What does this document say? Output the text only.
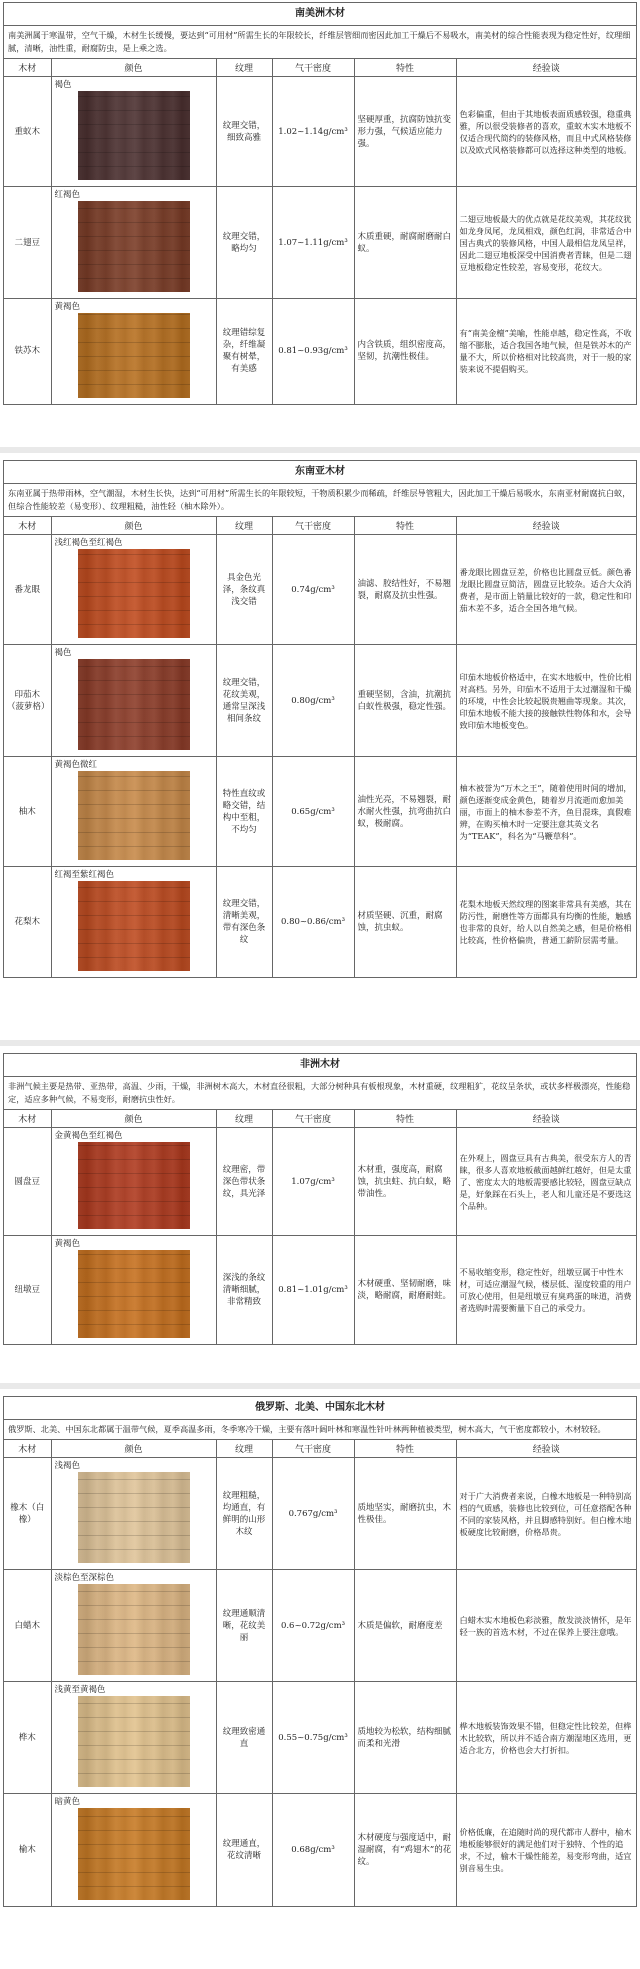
南美洲木材
南美洲属于寒温带，空气干燥，木材生长缓慢，要达到“可用材”所需生长的年限较长，纤维层管细而密因此加工干燥后不易吸水，南美材的综合性能表现为稳定性好，纹理细腻，清晰，油性重，耐腐防虫，是上乘之选。
木材	颜色	纹理	气干密度	特性	经验谈
重蚁木	褐色	纹理交错，细致高雅	1.02~1.14g/cm³	坚硬厚重，抗腐防蚀抗变形力强，气候适应能力强。	色彩偏重，但由于其地板表面质感较强，稳重典雅，所以很受装修者的喜欢，重蚁木实木地板不仅适合现代简约的装修风格，而且中式风格装修以及欧式风格装修都可以选择这种类型的地板。
二翅豆	红褐色	纹理交错，略均匀	1.07~1.11g/cm³	木质重硬，耐腐耐磨耐白蚁。	二翅豆地板最大的优点就是花纹美观，其花纹犹如龙身凤尾，龙凤相戏，颜色红润，非常适合中国古典式的装修风格，中国人最相信龙凤呈祥，因此二翅豆地板深受中国消费者青睐，但是二翅豆地板稳定性较差，容易变形，花纹大。
铁苏木	黄褐色	纹理错综复杂，纤维凝聚有树晕，有美感	0.81~0.93g/cm³	内含铁质，组织密度高，坚韧，抗潮性极佳。	有“南美金檀”美喻，性能卓越，稳定性高，不收缩不膨胀，适合我国各地气候，但是铁苏木的产量不大，所以价格相对比较高贵，对于一般的家装来说不提倡购买。
东南亚木材
东南亚属于热带雨林，空气潮湿，木材生长快，达到“可用材”所需生长的年限较短，干物质积累少而稀疏，纤维层导管粗大，因此加工干燥后易吸水，东南亚材耐腐抗白蚁，但综合性能较差（易变形）、纹理粗糙，油性轻（柚木除外）。
木材	颜色	纹理	气干密度	特性	经验谈
番龙眼	浅红褐色至红褐色	具金色光泽，条纹真浅交错	0.74g/cm³	油滤、胶结性好，不易翘裂，耐腐及抗虫性强。	番龙眼比圆盘豆差，价格也比圆盘豆低。颜色番龙眼比圆盘豆简洁，圆盘豆比较杂。适合大众消费者，是市面上销量比较好的一款，稳定性和印茄木差不多，适合全国各地气候。
印茄木（菠萝格）	褐色	纹理交错，花纹美观，通常呈深浅相间条纹	0.80g/cm³	重硬坚韧，含油，抗潮抗白蚁性极强，稳定性强。	印茄木地板价格适中，在实木地板中，性价比相对高档。另外，印茄木不适用于太过潮湿和干燥的环境，中性会比较起脱贵翘曲等现象。其次，印茄木地板不能大接的接触铁性物体和水，会导致印茄木地板变色。
柚木	黄褐色微红	特性直纹或略交错，结构中至粗，不均匀	0.65g/cm³	油性光亮，不易翘裂，耐水耐火性强，抗弯曲抗白蚁，极耐腐。	柚木被誉为“万木之王”，随着使用时间的增加，颜色逐渐变成金黄色，随着岁月流逝而愈加美丽，市面上的柚木参差不齐，鱼目混珠，真假难辨，在购买柚木时一定要注意其英文名为“TEAK”，科名为“马鞭草科”。
花梨木	红褐至紫红褐色	纹理交错，清晰美观，带有深色条纹	0.80~0.86/cm³	材质坚硬、沉重，耐腐蚀，抗虫蚁。	花梨木地板天然纹理的图案非常具有美感，其在防污性，耐磨性等方面都具有均衡的性能，触感也非常的良好，给人以自然美之感，但是价格相比较高，性价格偏贵，普通工薪阶层需考量。
非洲木材
非洲气候主要是热带、亚热带，高温、少雨，干燥，非洲树木高大，木材直径很粗，大部分树种具有板根现象，木材重硬，纹理粗犷，花纹呈条状，或状多样极漂亮，性能稳定，适应多种气候，不易变形，耐磨抗虫性好。
木材	颜色	纹理	气干密度	特性	经验谈
圆盘豆	金黄褐色至红褐色	纹理密，带深色带状条纹，具光泽	1.07g/cm³	木材重，强度高，耐腐蚀，抗虫蛀、抗白蚁，略带油性。	在外观上，圆盘豆具有古典美，很受东方人的青睐，很多人喜欢地板截面越鲜红越好，但是太重了、密度太大的地板需要感比较轻，圆盘豆缺点是，好象踩在石头上，老人和儿童还是不要选这个品种。
纽墩豆	黄褐色	深浅的条纹清晰细腻，非常精致	0.81~1.01g/cm³	木材硬重、坚韧耐磨，味淡，略耐腐，耐磨耐蛀。	不易收缩变形，稳定性好，纽墩豆属于中性木材，可适应潮湿气候，楼层低、湿度较重的用户可放心使用，但是纽墩豆有臭鸡蛋的味道，消费者选购时需要衡量下自己的承受力。
俄罗斯、北美、中国东北木材
俄罗斯、北美、中国东北都属于温带气候，夏季高温多雨，冬季寒冷干燥，主要有落叶阔叶林和寒温性针叶林两种植被类型，树木高大，气干密度都较小，木材较轻。
木材	颜色	纹理	气干密度	特性	经验谈
橡木（白橡）	浅褐色	纹理粗糙，均通直，有鲜明的山形木纹	0.767g/cm³	质地坚实，耐磨抗虫，木性极佳。	对于广大消费者来说，白橡木地板是一种特别高档的气质感，装修也比较到位，可任意搭配各种不同的家装风格，并且脚感特别好。但白橡木地板硬度比较耐磨，价格昂贵。
白蜡木	淡棕色至深棕色	纹理通顺清晰，花纹美丽	0.6~0.72g/cm³	木质是偏软，耐磨度差	白蜡木实木地板色彩淡雅，散发淡淡情怀，是年轻一族的首选木材，不过在保养上要注意哦。
桦木	浅黄至黄褐色	纹理致密通直	0.55~0.75g/cm³	质地较为松软，结构细腻而柔和光滑	桦木地板装饰效果不错，但稳定性比较差，但桦木比较软，所以并不适合南方潮湿地区选用，更适合北方，价格也会大打折扣。
榆木	暗黄色	纹理通直，花纹清晰	0.68g/cm³	木材硬度与强度适中，耐湿耐腐，有“鸡翅木”的花纹。	价格低廉，在追随时尚的现代都市人群中，榆木地板能够很好的满足他们对于独特、个性的追求，不过，榆木干燥性能差，易变形弯曲，适宜别音易生虫。
